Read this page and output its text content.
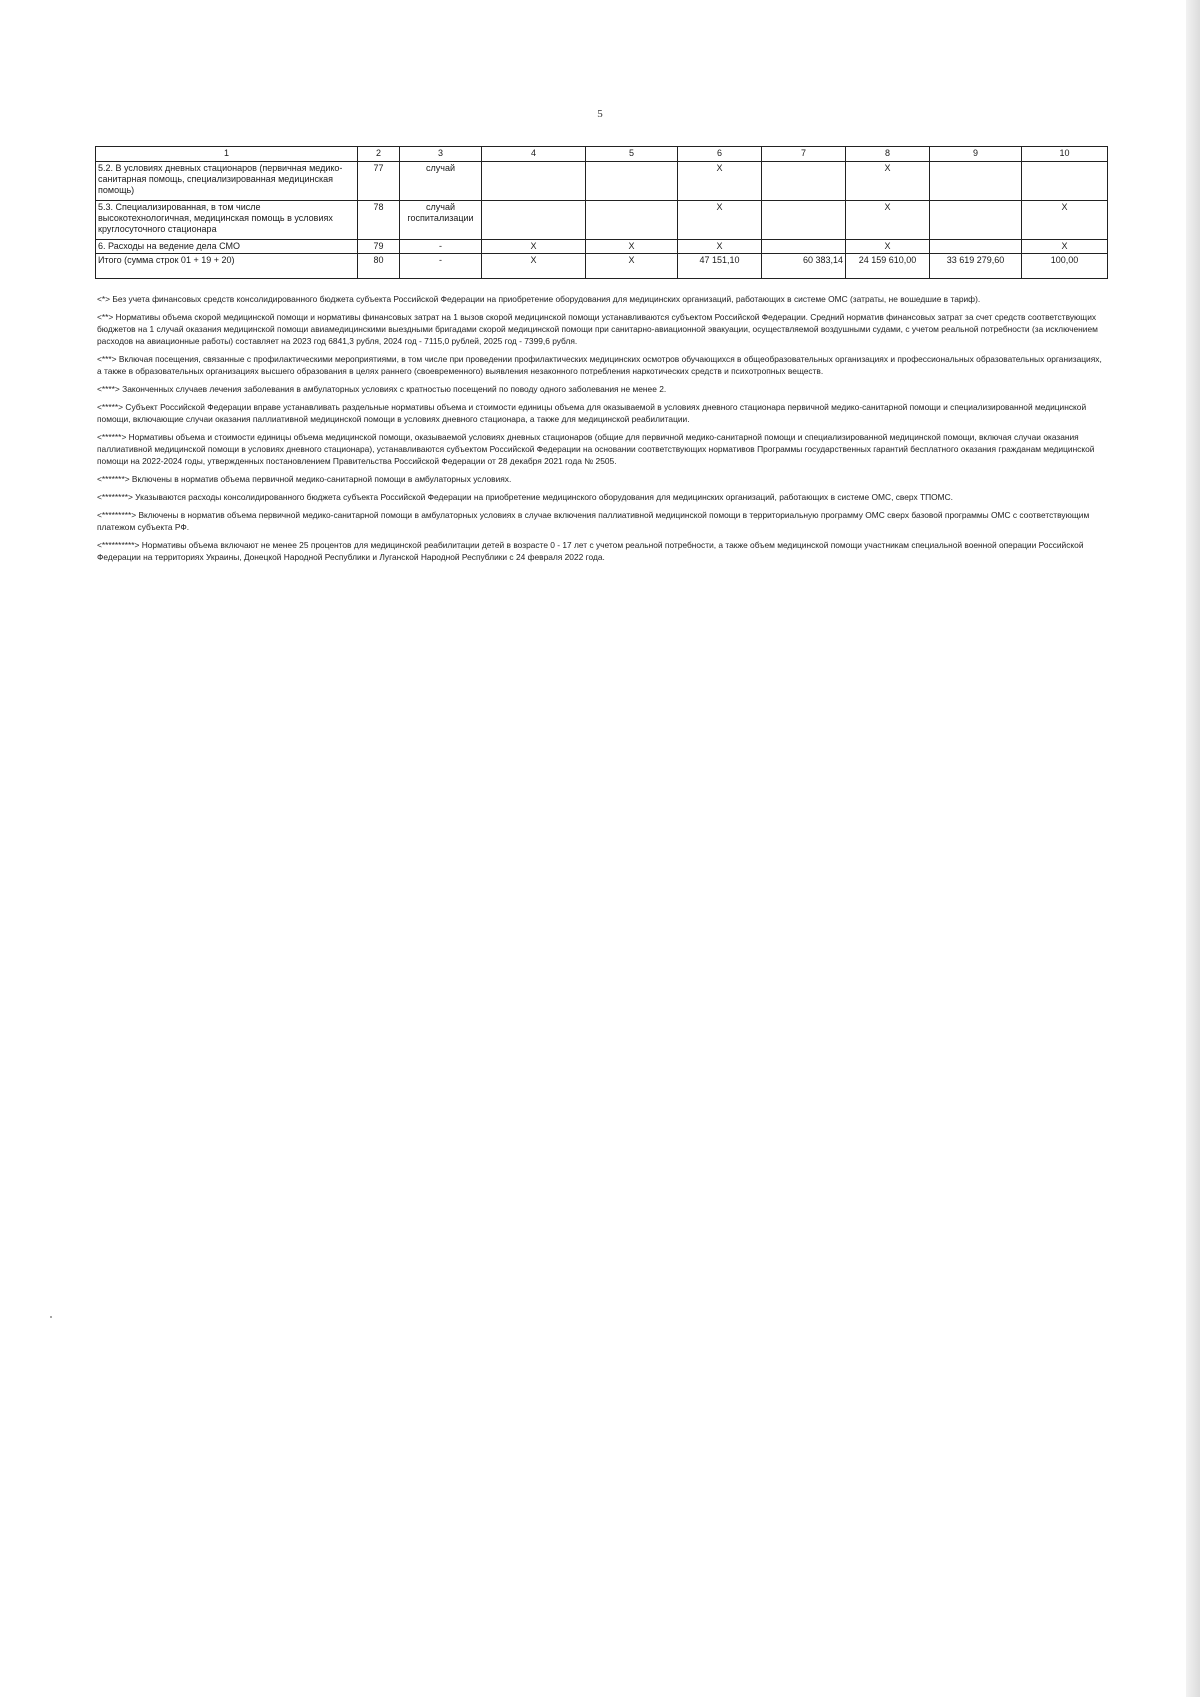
5
1	2	3	4	5	6	7	8	9	10
5.2. В условиях дневных стационаров (первичная медико-санитарная помощь, специализированная медицинская помощь)	77	случай			X		X		
5.3. Специализированная, в том числе высокотехнологичная, медицинская помощь в условиях круглосуточного стационара	78	случай госпитализации			X		X		X
6. Расходы на ведение дела СМО	79	-	X	X	X		X		X
Итого (сумма строк 01 + 19 + 20)	80	-	X	X	47 151,10	60 383,14	24 159 610,00	33 619 279,60	100,00

<*> Без учета финансовых средств консолидированного бюджета субъекта Российской Федерации на приобретение оборудования для медицинских организаций, работающих в системе ОМС (затраты, не вошедшие в тариф).

<**> Нормативы объема скорой медицинской помощи и нормативы финансовых затрат на 1 вызов скорой медицинской помощи устанавливаются субъектом Российской Федерации. Средний норматив финансовых затрат за счет средств соответствующих бюджетов на 1 случай оказания медицинской помощи авиамедицинскими выездными бригадами скорой медицинской помощи при санитарно-авиационной эвакуации, осуществляемой воздушными судами, с учетом реальной потребности (за исключением расходов на авиационные работы) составляет на 2023 год 6841,3 рубля, 2024 год - 7115,0 рублей, 2025 год - 7399,6 рубля.

<***> Включая посещения, связанные с профилактическими мероприятиями, в том числе при проведении профилактических медицинских осмотров обучающихся в общеобразовательных организациях и профессиональных образовательных организациях, а также в образовательных организациях высшего образования в целях раннего (своевременного) выявления незаконного потребления наркотических средств и психотропных веществ.

<****> Законченных случаев лечения заболевания в амбулаторных условиях с кратностью посещений по поводу одного заболевания не менее 2.

<*****> Субъект Российской Федерации вправе устанавливать раздельные нормативы объема и стоимости единицы объема для оказываемой в условиях дневного стационара первичной медико-санитарной помощи и специализированной медицинской помощи, включающие случаи оказания паллиативной медицинской помощи в условиях дневного стационара, а также для медицинской реабилитации.

<******> Нормативы объема и стоимости единицы объема медицинской помощи, оказываемой условиях дневных стационаров (общие для первичной медико-санитарной помощи и специализированной медицинской помощи, включая случаи оказания паллиативной медицинской помощи в условиях дневного стационара), устанавливаются субъектом Российской Федерации на основании соответствующих нормативов Программы государственных гарантий бесплатного оказания гражданам медицинской помощи на 2022-2024 годы, утвержденных постановлением Правительства Российской Федерации от 28 декабря 2021 года № 2505.

<*******> Включены в норматив объема первичной медико-санитарной помощи в амбулаторных условиях.

<********> Указываются расходы консолидированного бюджета субъекта Российской Федерации на приобретение медицинского оборудования для медицинских организаций, работающих в системе ОМС, сверх ТПОМС.

<*********> Включены в норматив объема первичной медико-санитарной помощи в амбулаторных условиях в случае включения паллиативной медицинской помощи в территориальную программу ОМС сверх базовой программы ОМС с соответствующим платежом субъекта РФ.

<**********> Нормативы объема включают не менее 25 процентов для медицинской реабилитации детей в возрасте 0 - 17 лет с учетом реальной потребности, а также объем медицинской помощи участникам специальной военной операции Российской Федерации на территориях Украины, Донецкой Народной Республики и Луганской Народной Республики с 24 февраля 2022 года.
